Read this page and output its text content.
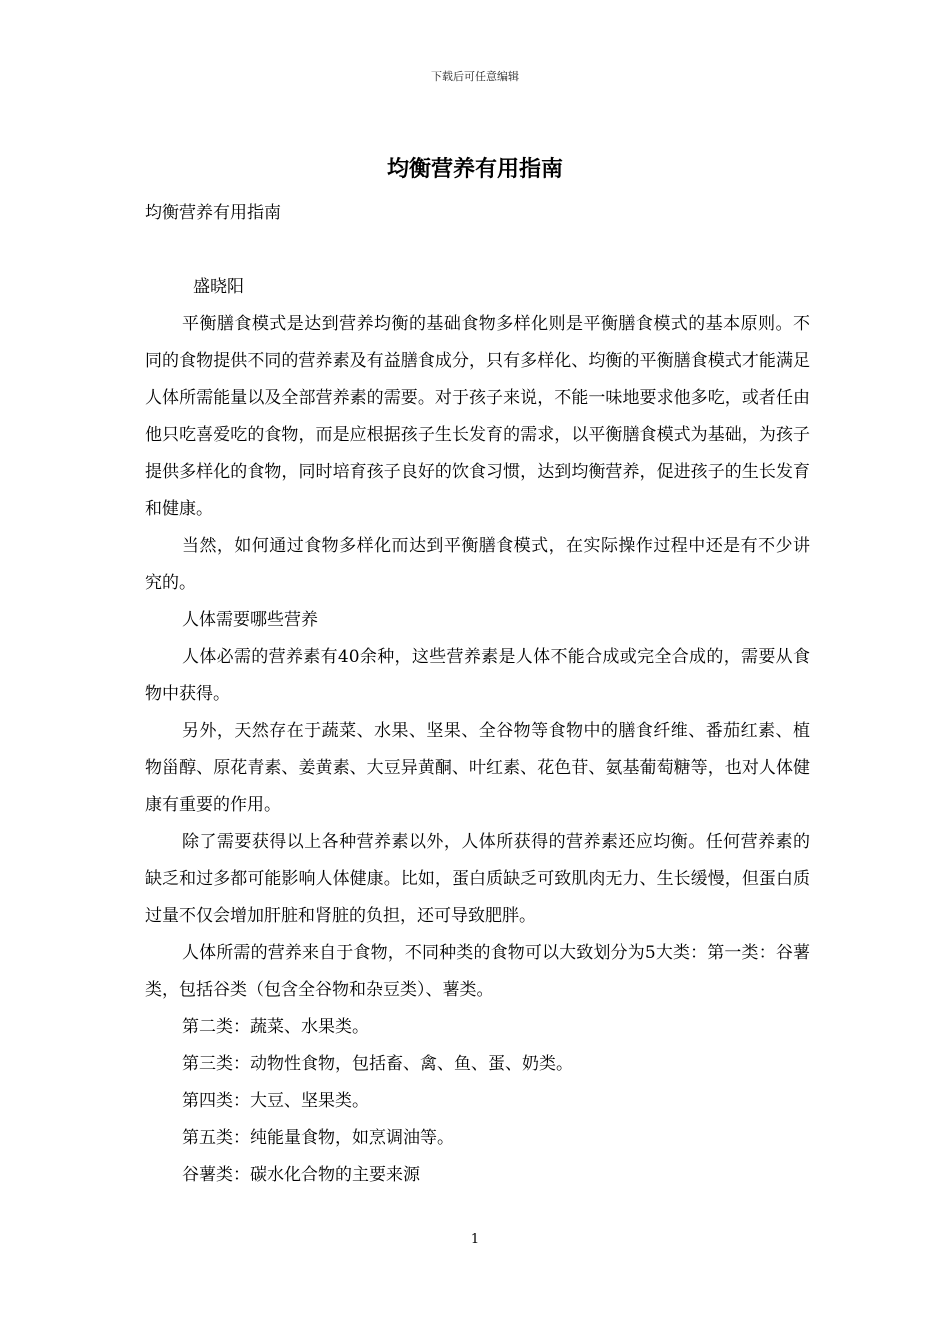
下载后可任意编辑
均衡营养有用指南

均衡营养有用指南

盛晓阳

平衡膳食模式是达到营养均衡的基础食物多样化则是平衡膳食模式的基本原则。不同的食物提供不同的营养素及有益膳食成分，只有多样化、均衡的平衡膳食模式才能满足人体所需能量以及全部营养素的需要。对于孩子来说，不能一味地要求他多吃，或者任由他只吃喜爱吃的食物，而是应根据孩子生长发育的需求，以平衡膳食模式为基础，为孩子提供多样化的食物，同时培育孩子良好的饮食习惯，达到均衡营养，促进孩子的生长发育和健康。

当然，如何通过食物多样化而达到平衡膳食模式，在实际操作过程中还是有不少讲究的。

人体需要哪些营养

人体必需的营养素有40余种，这些营养素是人体不能合成或完全合成的，需要从食物中获得。

另外，天然存在于蔬菜、水果、坚果、全谷物等食物中的膳食纤维、番茄红素、植物甾醇、原花青素、姜黄素、大豆异黄酮、叶红素、花色苷、氨基葡萄糖等，也对人体健康有重要的作用。

除了需要获得以上各种营养素以外，人体所获得的营养素还应均衡。任何营养素的缺乏和过多都可能影响人体健康。比如，蛋白质缺乏可致肌肉无力、生长缓慢，但蛋白质过量不仅会增加肝脏和肾脏的负担，还可导致肥胖。

人体所需的营养来自于食物，不同种类的食物可以大致划分为5大类：第一类：谷薯类，包括谷类（包含全谷物和杂豆类）、薯类。

第二类：蔬菜、水果类。

第三类：动物性食物，包括畜、禽、鱼、蛋、奶类。

第四类：大豆、坚果类。

第五类：纯能量食物，如烹调油等。

谷薯类：碳水化合物的主要来源

1
